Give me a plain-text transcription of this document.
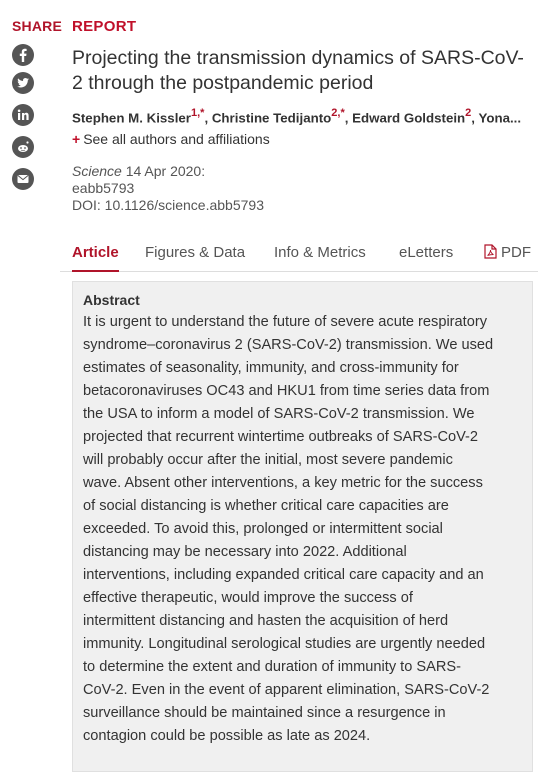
SHARE REPORT
Projecting the transmission dynamics of SARS-CoV-2 through the postpandemic period
Stephen M. Kissler$^{1,*}$, Christine Tedijanto$^{2,*}$, Edward Goldstein$^2$, Yona...
+ See all authors and affiliations
Science 14 Apr 2020:
eabb5793
DOI: 10.1126/science.abb5793
Article Figures & Data Info & Metrics eLetters	PDF
Abstract
It is urgent to understand the future of severe acute respiratory
syndrome–coronavirus 2 (SARS-CoV-2) transmission. We used
estimates of seasonality, immunity, and cross-immunity for
betacoronaviruses OC43 and HKU1 from time series data from
the USA to inform a model of SARS-CoV-2 transmission. We
projected that recurrent wintertime outbreaks of SARS-CoV-2
will probably occur after the initial, most severe pandemic
wave. Absent other interventions, a key metric for the success
of social distancing is whether critical care capacities are
exceeded. To avoid this, prolonged or intermittent social
distancing may be necessary into 2022. Additional
interventions, including expanded critical care capacity and an
effective therapeutic, would improve the success of
intermittent distancing and hasten the acquisition of herd
immunity. Longitudinal serological studies are urgently needed
to determine the extent and duration of immunity to SARS-
CoV-2. Even in the event of apparent elimination, SARS-CoV-2
surveillance should be maintained since a resurgence in
contagion could be possible as late as 2024.
